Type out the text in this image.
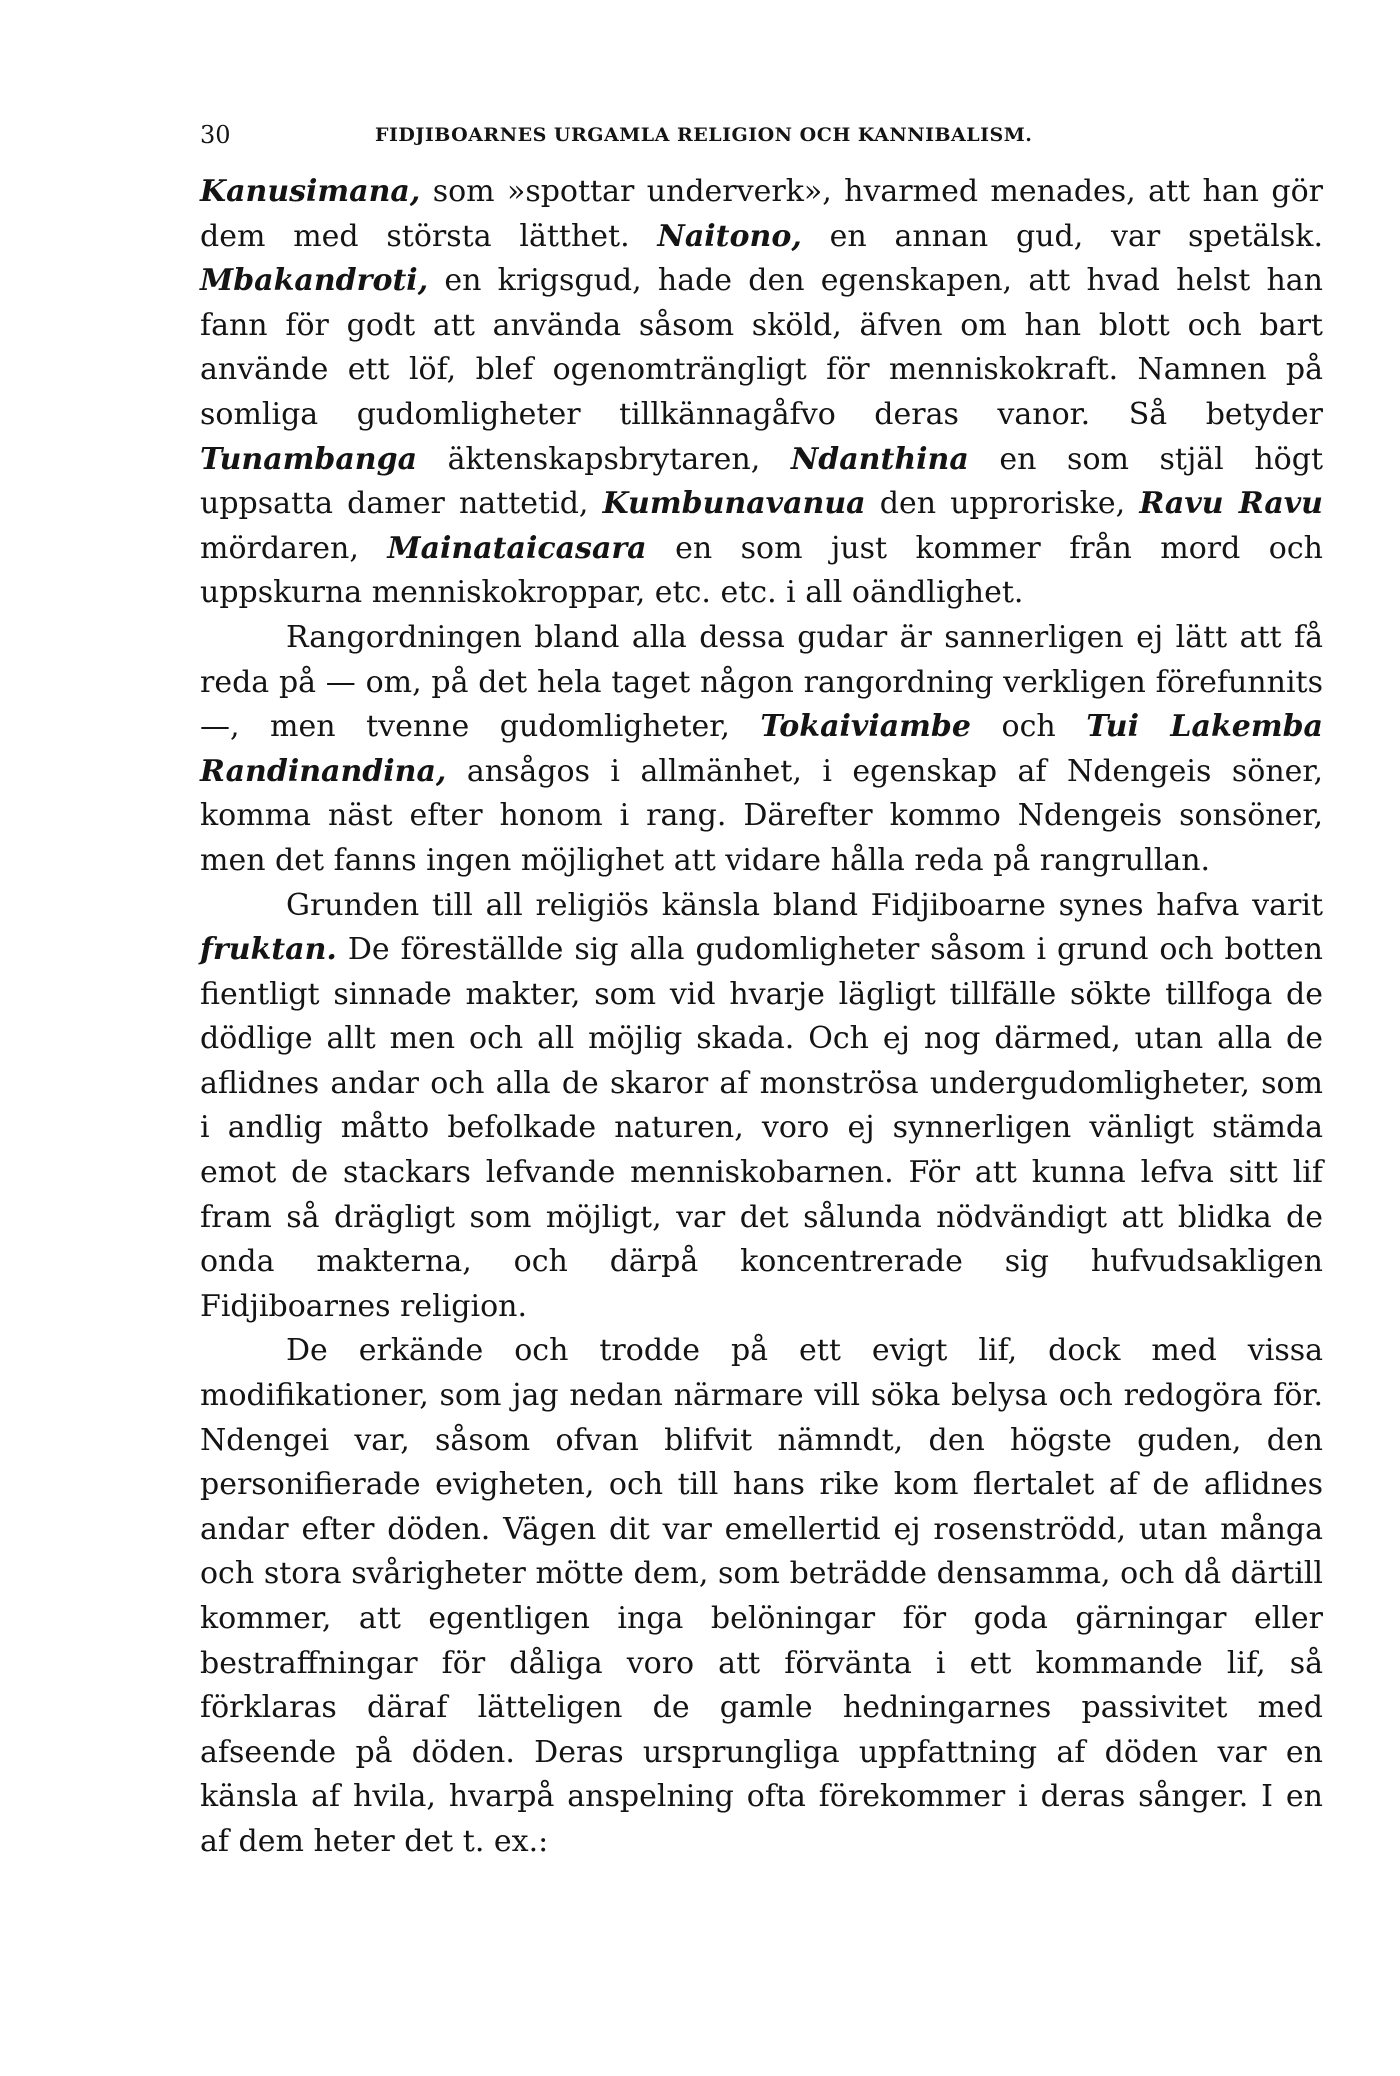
30	FIDJIBOARNES URGAMLA RELIGION OCH KANNIBALISM.

Kanusimana, som »spottar underverk», hvarmed menades, att han gör dem med största lätthet. Naitono, en annan gud, var spetälsk. Mbakandroti, en krigsgud, hade den egenskapen, att hvad helst han fann för godt att använda såsom sköld, äfven om han blott och bart använde ett löf, blef ogenomträngligt för menniskokraft. Namnen på somliga gudomligheter tillkännagåfvo deras vanor. Så betyder Tunambanga äktenskapsbrytaren, Ndanthina en som stjäl högt uppsatta damer nattetid, Kumbunavanua den upproriske, Ravu Ravu mördaren, Mainataicasara en som just kommer från mord och uppskurna menniskokroppar, etc. etc. i all oändlighet.

Rangordningen bland alla dessa gudar är sannerligen ej lätt att få reda på — om, på det hela taget någon rangordning verkligen förefunnits —, men tvenne gudomligheter, Tokaiviambe och Tui Lakemba Randinandina, ansågos i allmänhet, i egenskap af Ndengeis söner, komma näst efter honom i rang. Därefter kommo Ndengeis sonsöner, men det fanns ingen möjlighet att vidare hålla reda på rangrullan.

Grunden till all religiös känsla bland Fidjiboarne synes hafva varit fruktan. De föreställde sig alla gudomligheter såsom i grund och botten fientligt sinnade makter, som vid hvarje lägligt tillfälle sökte tillfoga de dödlige allt men och all möjlig skada. Och ej nog därmed, utan alla de aflidnes andar och alla de skaror af monströsa undergudomligheter, som i andlig måtto befolkade naturen, voro ej synnerligen vänligt stämda emot de stackars lefvande menniskobarnen. För att kunna lefva sitt lif fram så drägligt som möjligt, var det sålunda nödvändigt att blidka de onda makterna, och därpå koncentrerade sig hufvudsakligen Fidjiboarnes religion.

De erkände och trodde på ett evigt lif, dock med vissa modifikationer, som jag nedan närmare vill söka belysa och redogöra för. Ndengei var, såsom ofvan blifvit nämndt, den högste guden, den personifierade evigheten, och till hans rike kom flertalet af de aflidnes andar efter döden. Vägen dit var emellertid ej rosenströdd, utan många och stora svårigheter mötte dem, som beträdde densamma, och då därtill kommer, att egentligen inga belöningar för goda gärningar eller bestraffningar för dåliga voro att förvänta i ett kommande lif, så förklaras däraf lätteligen de gamle hedningarnes passivitet med afseende på döden. Deras ursprungliga uppfattning af döden var en känsla af hvila, hvarpå anspelning ofta förekommer i deras sånger. I en af dem heter det t. ex.:
